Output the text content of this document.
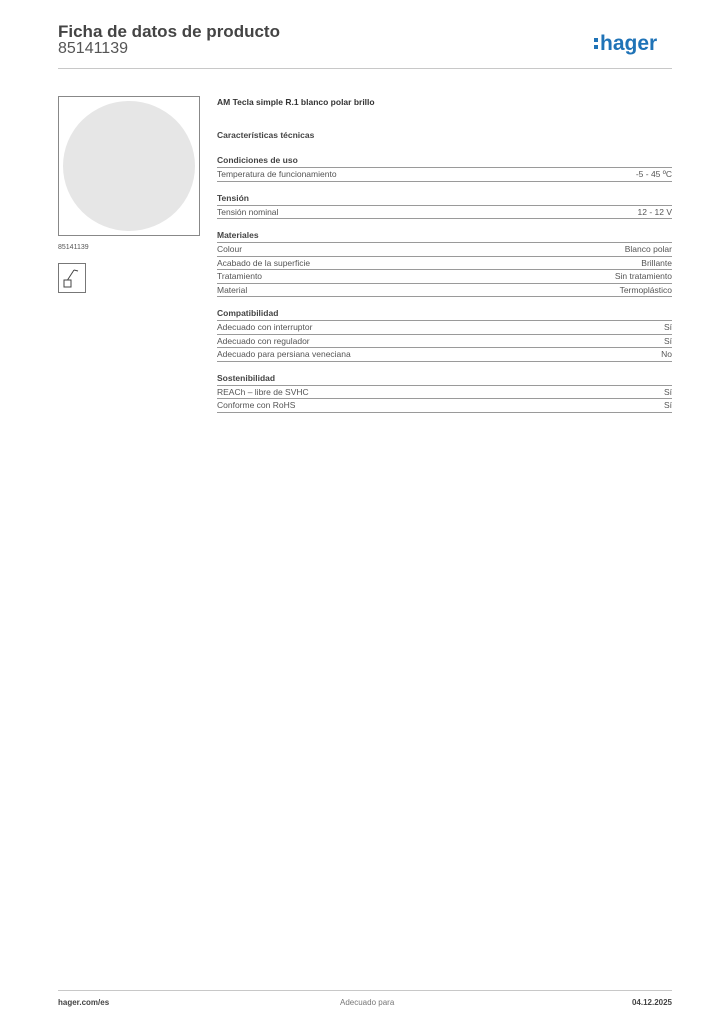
Ficha de datos de producto
85141139	hager
85141139
AM Tecla simple R.1 blanco polar brillo
Características técnicas
Condiciones de uso
Temperatura de funcionamiento	-5 - 45 ºC
Tensión
Tensión nominal	12 - 12 V
Materiales
Colour	Blanco polar
Acabado de la superficie	Brillante
Tratamiento	Sin tratamiento
Material	Termoplástico
Compatibilidad
Adecuado con interruptor	Sí
Adecuado con regulador	Sí
Adecuado para persiana veneciana	No
Sostenibilidad
REACh – libre de SVHC	Sí
Conforme con RoHS	Sí
hager.com/es	Adecuado para	04.12.2025
